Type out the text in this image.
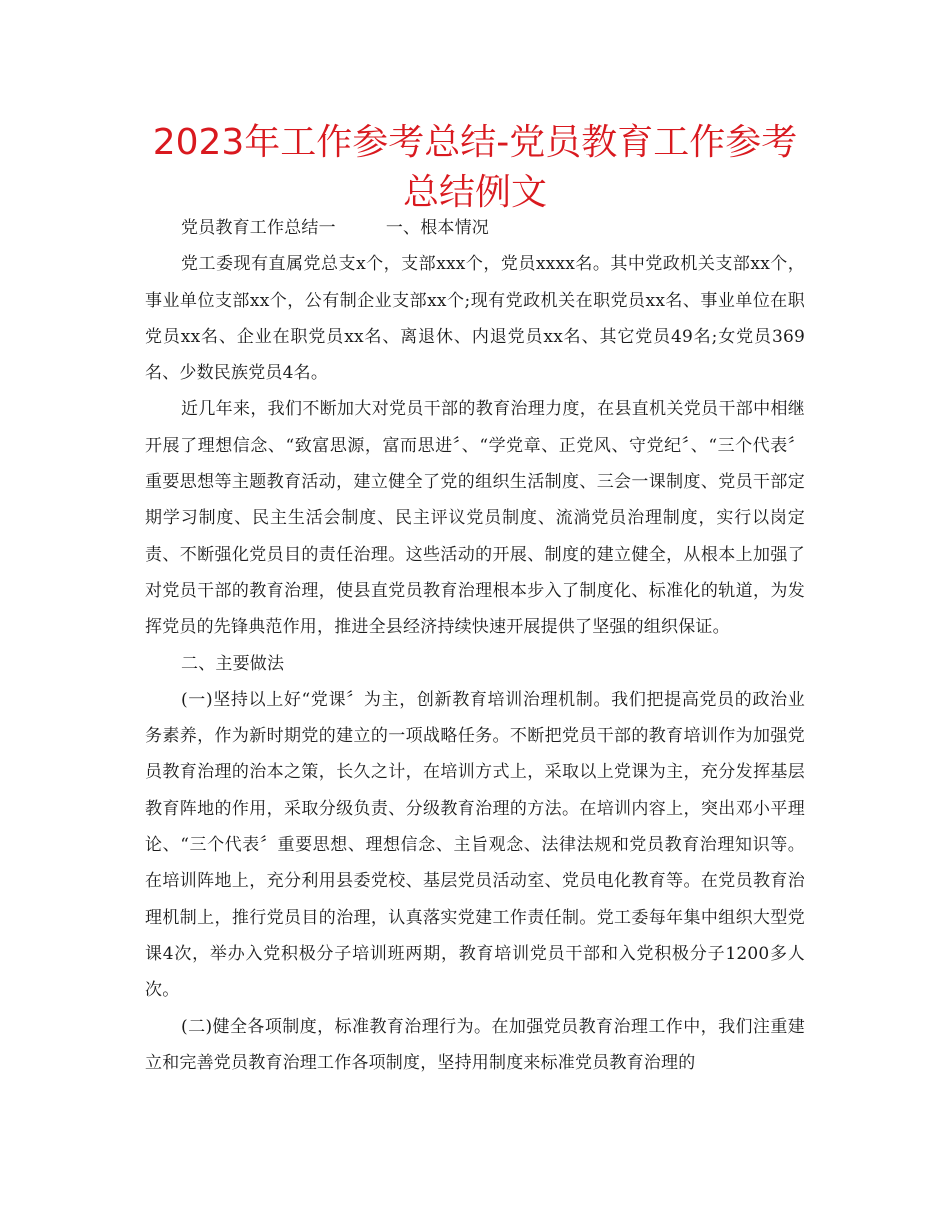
2023年工作参考总结-党员教育工作参考总结例文

党员教育工作总结一	一、根本情况

党工委现有直属党总支x个，支部xxx个，党员xxxx名。其中党政机关支部xx个，事业单位支部xx个，公有制企业支部xx个;现有党政机关在职党员xx名、事业单位在职党员xx名、企业在职党员xx名、离退休、内退党员xx名、其它党员49名;女党员369名、少数民族党员4名。

近几年来，我们不断加大对党员干部的教育治理力度，在县直机关党员干部中相继开展了理想信念、“致富思源，富而思进〞、“学党章、正党风、守党纪〞、“三个代表〞重要思想等主题教育活动，建立健全了党的组织生活制度、三会一课制度、党员干部定期学习制度、民主生活会制度、民主评议党员制度、流淌党员治理制度，实行以岗定责、不断强化党员目的责任治理。这些活动的开展、制度的建立健全，从根本上加强了对党员干部的教育治理，使县直党员教育治理根本步入了制度化、标准化的轨道，为发挥党员的先锋典范作用，推进全县经济持续快速开展提供了坚强的组织保证。

二、主要做法

(一)坚持以上好“党课〞为主，创新教育培训治理机制。我们把提高党员的政治业务素养，作为新时期党的建立的一项战略任务。不断把党员干部的教育培训作为加强党员教育治理的治本之策，长久之计，在培训方式上，采取以上党课为主，充分发挥基层教育阵地的作用，采取分级负责、分级教育治理的方法。在培训内容上，突出邓小平理论、“三个代表〞重要思想、理想信念、主旨观念、法律法规和党员教育治理知识等。在培训阵地上，充分利用县委党校、基层党员活动室、党员电化教育等。在党员教育治理机制上，推行党员目的治理，认真落实党建工作责任制。党工委每年集中组织大型党课4次，举办入党积极分子培训班两期，教育培训党员干部和入党积极分子1200多人次。

(二)健全各项制度，标准教育治理行为。在加强党员教育治理工作中，我们注重建立和完善党员教育治理工作各项制度，坚持用制度来标准党员教育治理的
